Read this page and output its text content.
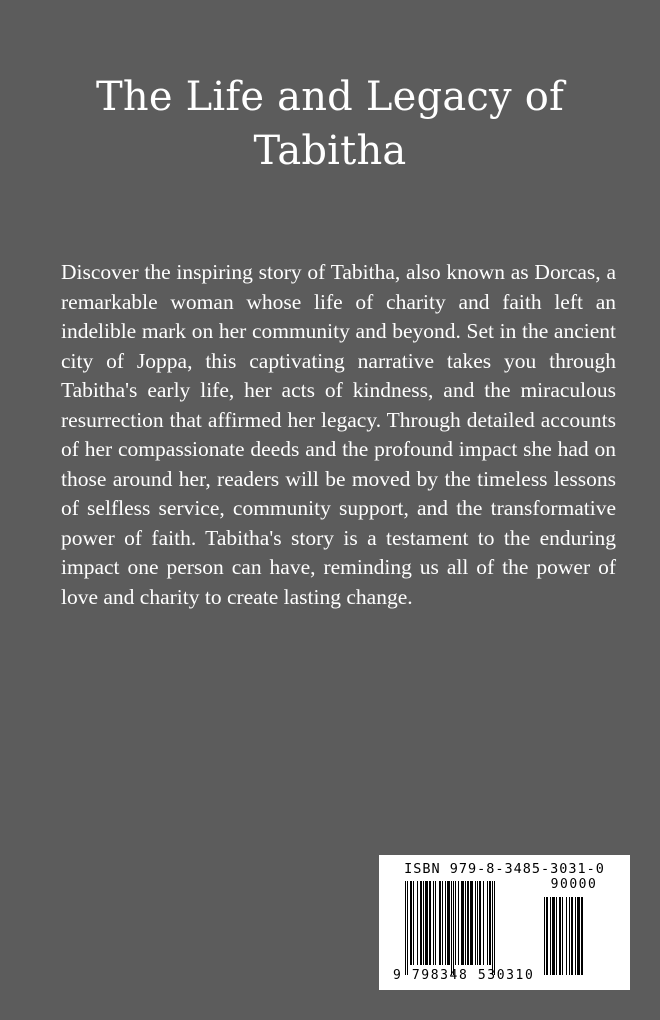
The Life and Legacy of
Tabitha

Discover the inspiring story of Tabitha, also known as Dorcas, a remarkable woman whose life of charity and faith left an indelible mark on her community and beyond. Set in the ancient city of Joppa, this captivating narrative takes you through Tabitha's early life, her acts of kindness, and the miraculous resurrection that affirmed her legacy. Through detailed accounts of her compassionate deeds and the profound impact she had on those around her, readers will be moved by the timeless lessons of selfless service, community support, and the transformative power of faith. Tabitha's story is a testament to the enduring impact one person can have, reminding us all of the power of love and charity to create lasting change.

ISBN 979-8-3485-3031-0
90000
9 798348 530310
